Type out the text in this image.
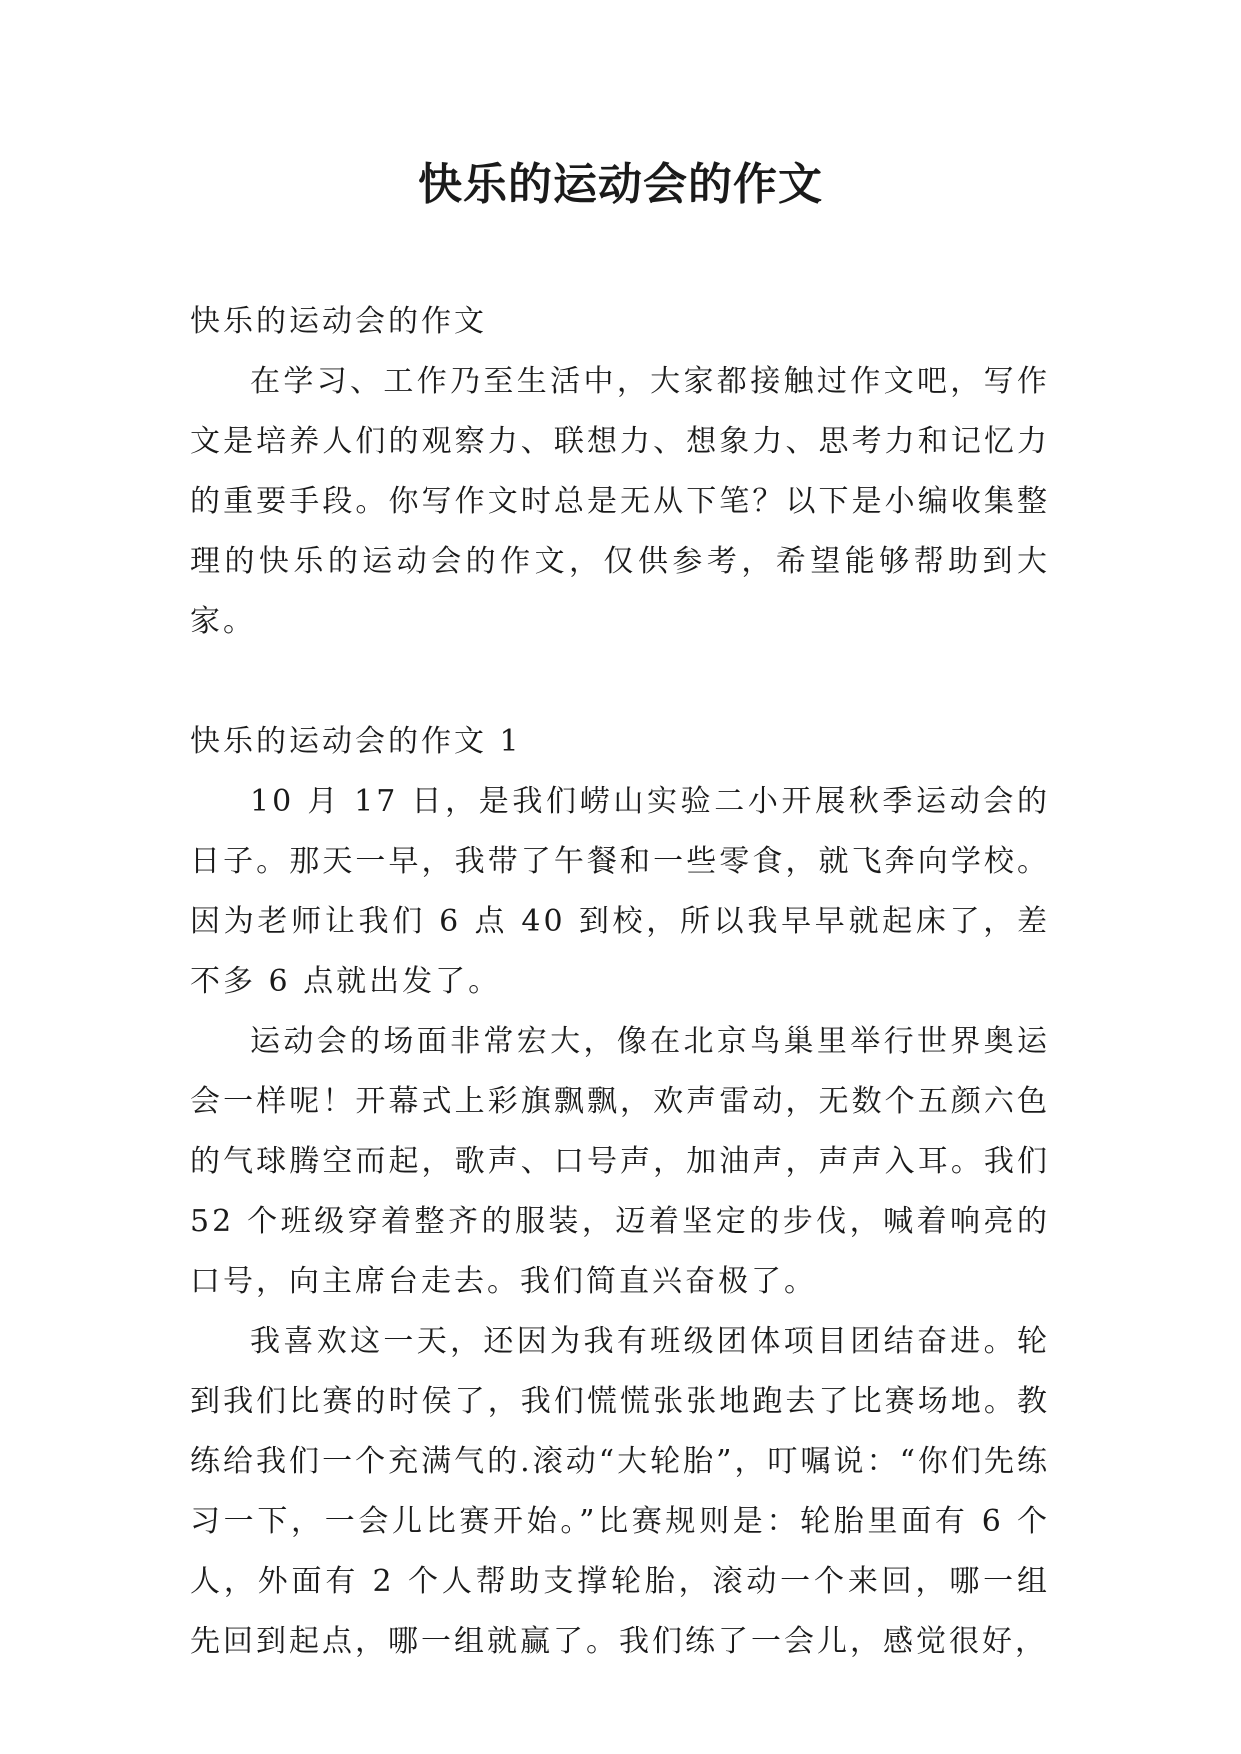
快乐的运动会的作文

快乐的运动会的作文

在学习、工作乃至生活中，大家都接触过作文吧，写作文是培养人们的观察力、联想力、想象力、思考力和记忆力的重要手段。你写作文时总是无从下笔？以下是小编收集整理的快乐的运动会的作文，仅供参考，希望能够帮助到大家。

快乐的运动会的作文 1

10 月 17 日，是我们崂山实验二小开展秋季运动会的日子。那天一早，我带了午餐和一些零食，就飞奔向学校。因为老师让我们 6 点 40 到校，所以我早早就起床了，差不多 6 点就出发了。

运动会的场面非常宏大，像在北京鸟巢里举行世界奥运会一样呢！开幕式上彩旗飘飘，欢声雷动，无数个五颜六色的气球腾空而起，歌声、口号声，加油声，声声入耳。我们 52 个班级穿着整齐的服装，迈着坚定的步伐，喊着响亮的口号，向主席台走去。我们简直兴奋极了。

我喜欢这一天，还因为我有班级团体项目团结奋进。轮到我们比赛的时侯了，我们慌慌张张地跑去了比赛场地。教练给我们一个充满气的.滚动“大轮胎”，叮嘱说：“你们先练习一下，一会儿比赛开始。”比赛规则是：轮胎里面有 6 个人，外面有 2 个人帮助支撑轮胎，滚动一个来回，哪一组先回到起点，哪一组就赢了。我们练了一会儿，感觉很好，
